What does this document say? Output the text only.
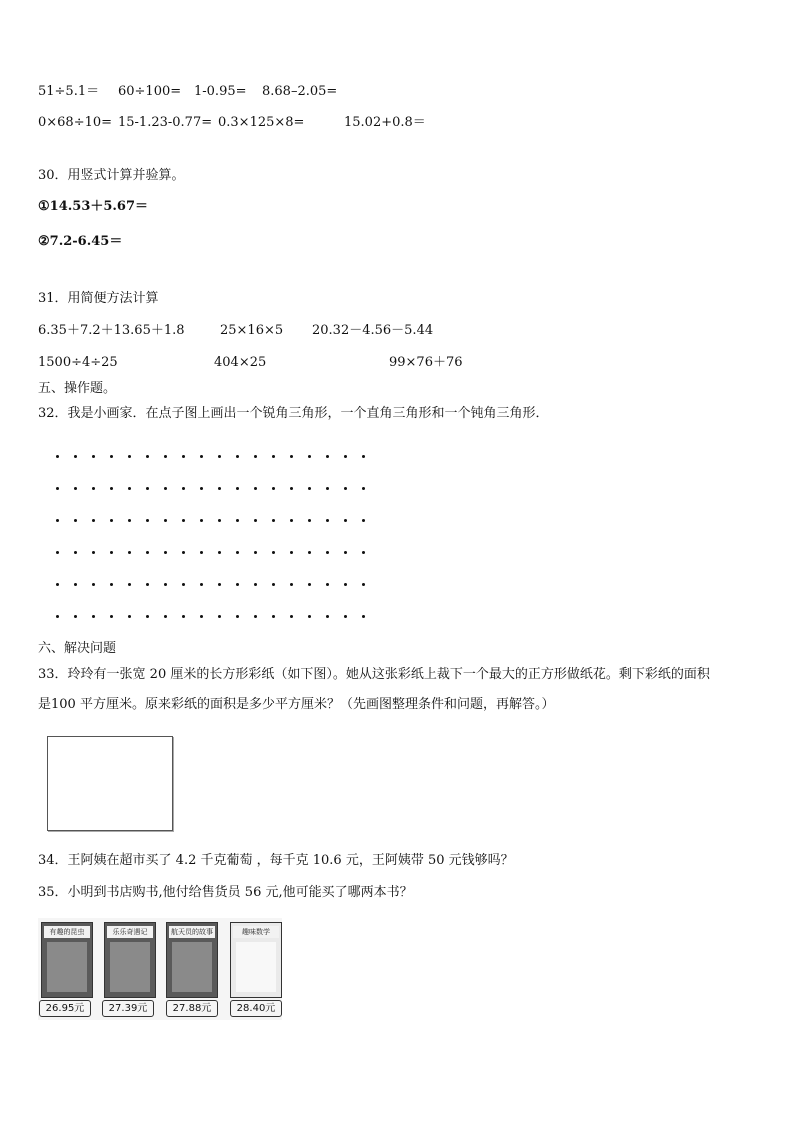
51÷5.1＝ 60÷100= 1-0.95= 8.68–2.05=
0×68÷10= 15-1.23-0.77= 0.3×125×8=	15.02+0.8＝
30．用竖式计算并验算。
①14.53＋5.67＝
②7.2-6.45＝
31．用简便方法计算
6.35＋7.2＋13.65＋1.8	25×16×5 20.32－4.56－5.44
1500÷4÷25	404×25	99×76＋76
五、操作题。
32．我是小画家．在点子图上画出一个锐角三角形，一个直角三角形和一个钝角三角形．
六、解决问题
33．玲玲有一张宽 20 厘米的长方形彩纸（如下图）。她从这张彩纸上裁下一个最大的正方形做纸花。剩下彩纸的面积
是100 平方厘米。原来彩纸的面积是多少平方厘米？（先画图整理条件和问题，再解答。）
34．王阿姨在超市买了 4.2 千克葡萄 ，每千克 10.6 元，王阿姨带 50 元钱够吗？
35．小明到书店购书,他付给售货员 56 元,他可能买了哪两本书？
有趣的昆虫	乐乐奇遇记	航天员的故事	趣味数学
26.95元	27.39元	27.88元	28.40元
